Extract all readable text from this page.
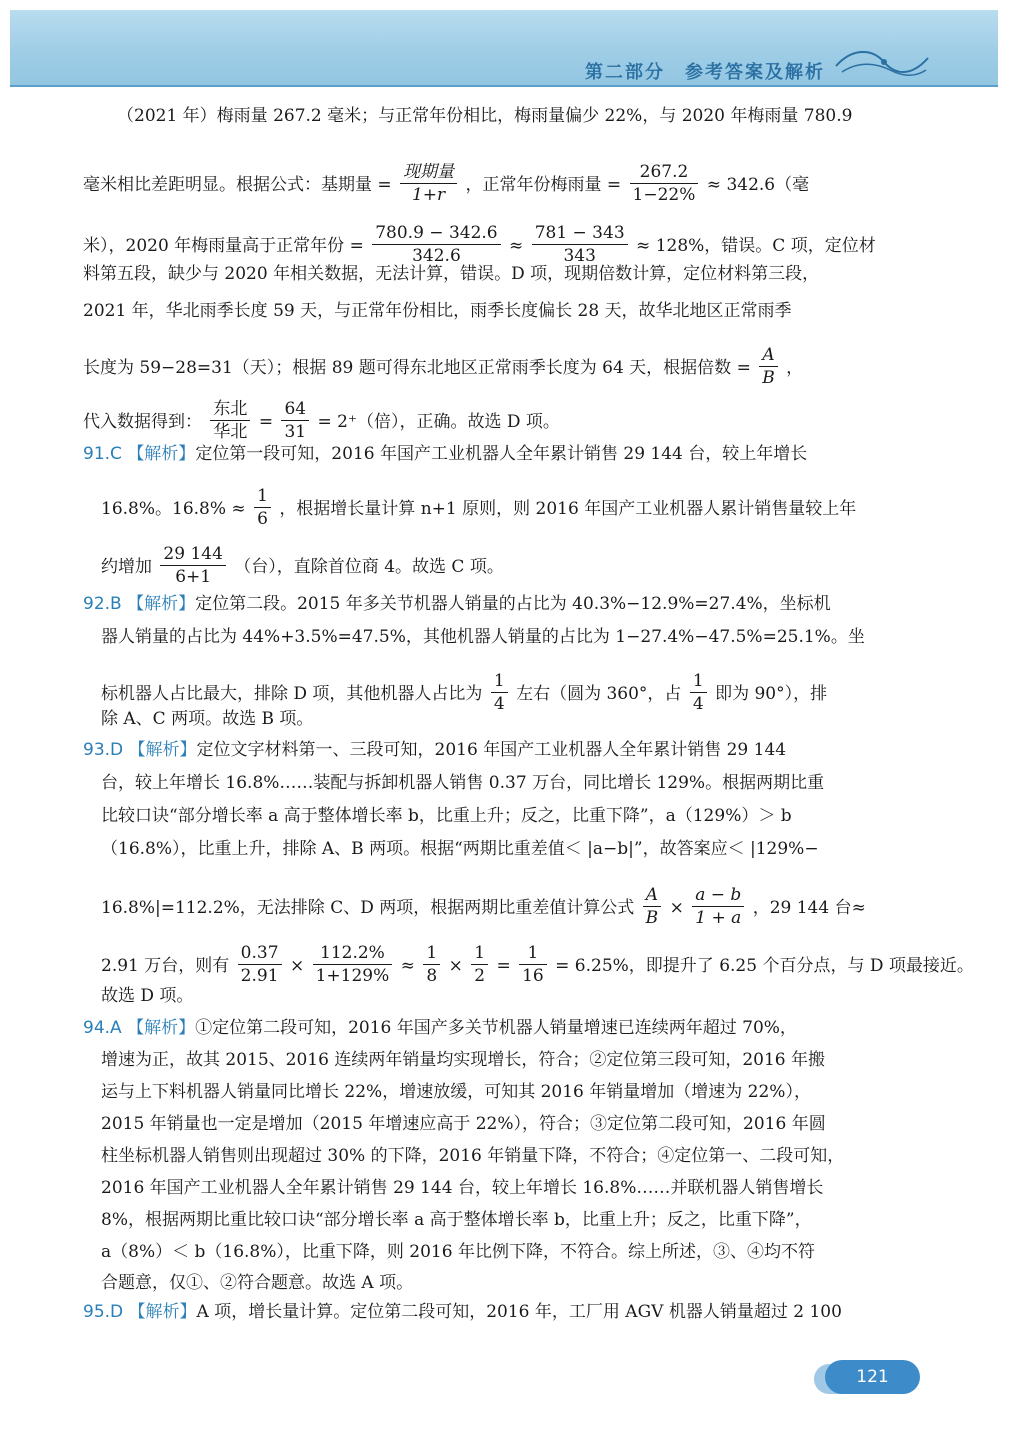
第二部分　参考答案及解析
（2021 年）梅雨量 267.2 毫米；与正常年份相比，梅雨量偏少 22%，与 2020 年梅雨量 780.9
毫米相比差距明显。根据公式：基期量 = $\frac{\text{现期量}}{1+r}$ ，正常年份梅雨量 = $\frac{267.2}{1-22\%} \approx 342.6$（毫
米），2020 年梅雨量高于正常年份 = $\frac{780.9 - 342.6}{342.6} \approx \frac{781 - 343}{343} \approx 128\%$，错误。C 项，定位材
料第五段，缺少与 2020 年相关数据，无法计算，错误。D 项，现期倍数计算，定位材料第三段，
2021 年，华北雨季长度 59 天，与正常年份相比，雨季长度偏长 28 天，故华北地区正常雨季
长度为 59−28=31（天）；根据 89 题可得东北地区正常雨季长度为 64 天，根据倍数 = $\frac{A}{B}$ ，
代入数据得到： $\frac{\text{东北}}{\text{华北}} = \frac{64}{31} = 2^+$（倍），正确。故选 D 项。
91.C 【解析】定位第一段可知，2016 年国产工业机器人全年累计销售 29 144 台，较上年增长
16.8%。$16.8\% \approx \frac{1}{6}$ ，根据增长量计算 n+1 原则，则 2016 年国产工业机器人累计销售量较上年
约增加 $\frac{29 144}{6+1}$ （台），直除首位商 4。故选 C 项。
92.B 【解析】定位第二段。2015 年多关节机器人销量的占比为 40.3%−12.9%=27.4%，坐标机
器人销量的占比为 44%+3.5%=47.5%，其他机器人销量的占比为 1−27.4%−47.5%=25.1%。坐
标机器人占比最大，排除 D 项，其他机器人占比为 $\frac{1}{4}$ 左右（圆为 360°，占 $\frac{1}{4}$ 即为 90°），排
除 A、C 两项。故选 B 项。
93.D 【解析】定位文字材料第一、三段可知，2016 年国产工业机器人全年累计销售 29 144
台，较上年增长 16.8%……装配与拆卸机器人销售 0.37 万台，同比增长 129%。根据两期比重
比较口诀“部分增长率 a 高于整体增长率 b，比重上升；反之，比重下降”，a（129%）＞ b
（16.8%），比重上升，排除 A、B 两项。根据“两期比重差值＜ |a−b|”，故答案应＜ |129%−
16.8%|=112.2%，无法排除 C、D 两项，根据两期比重差值计算公式 $\frac{A}{B} \times \frac{a - b}{1 + a}$ ，29 144 台≈
2.91 万台，则有 $\frac{0.37}{2.91} \times \frac{112.2\%}{1+129\%} \approx \frac{1}{8} \times \frac{1}{2} = \frac{1}{16} = 6.25\%$，即提升了 6.25 个百分点，与 D 项最接近。
故选 D 项。
94.A 【解析】①定位第二段可知，2016 年国产多关节机器人销量增速已连续两年超过 70%，
增速为正，故其 2015、2016 连续两年销量均实现增长，符合；②定位第三段可知，2016 年搬
运与上下料机器人销量同比增长 22%，增速放缓，可知其 2016 年销量增加（增速为 22%），
2015 年销量也一定是增加（2015 年增速应高于 22%），符合；③定位第二段可知，2016 年圆
柱坐标机器人销售则出现超过 30% 的下降，2016 年销量下降，不符合；④定位第一、二段可知，
2016 年国产工业机器人全年累计销售 29 144 台，较上年增长 16.8%……并联机器人销售增长
8%，根据两期比重比较口诀“部分增长率 a 高于整体增长率 b，比重上升；反之，比重下降”，
a（8%）＜ b（16.8%），比重下降，则 2016 年比例下降，不符合。综上所述，③、④均不符
合题意，仅①、②符合题意。故选 A 项。
95.D 【解析】A 项，增长量计算。定位第二段可知，2016 年，工厂用 AGV 机器人销量超过 2 100
121
